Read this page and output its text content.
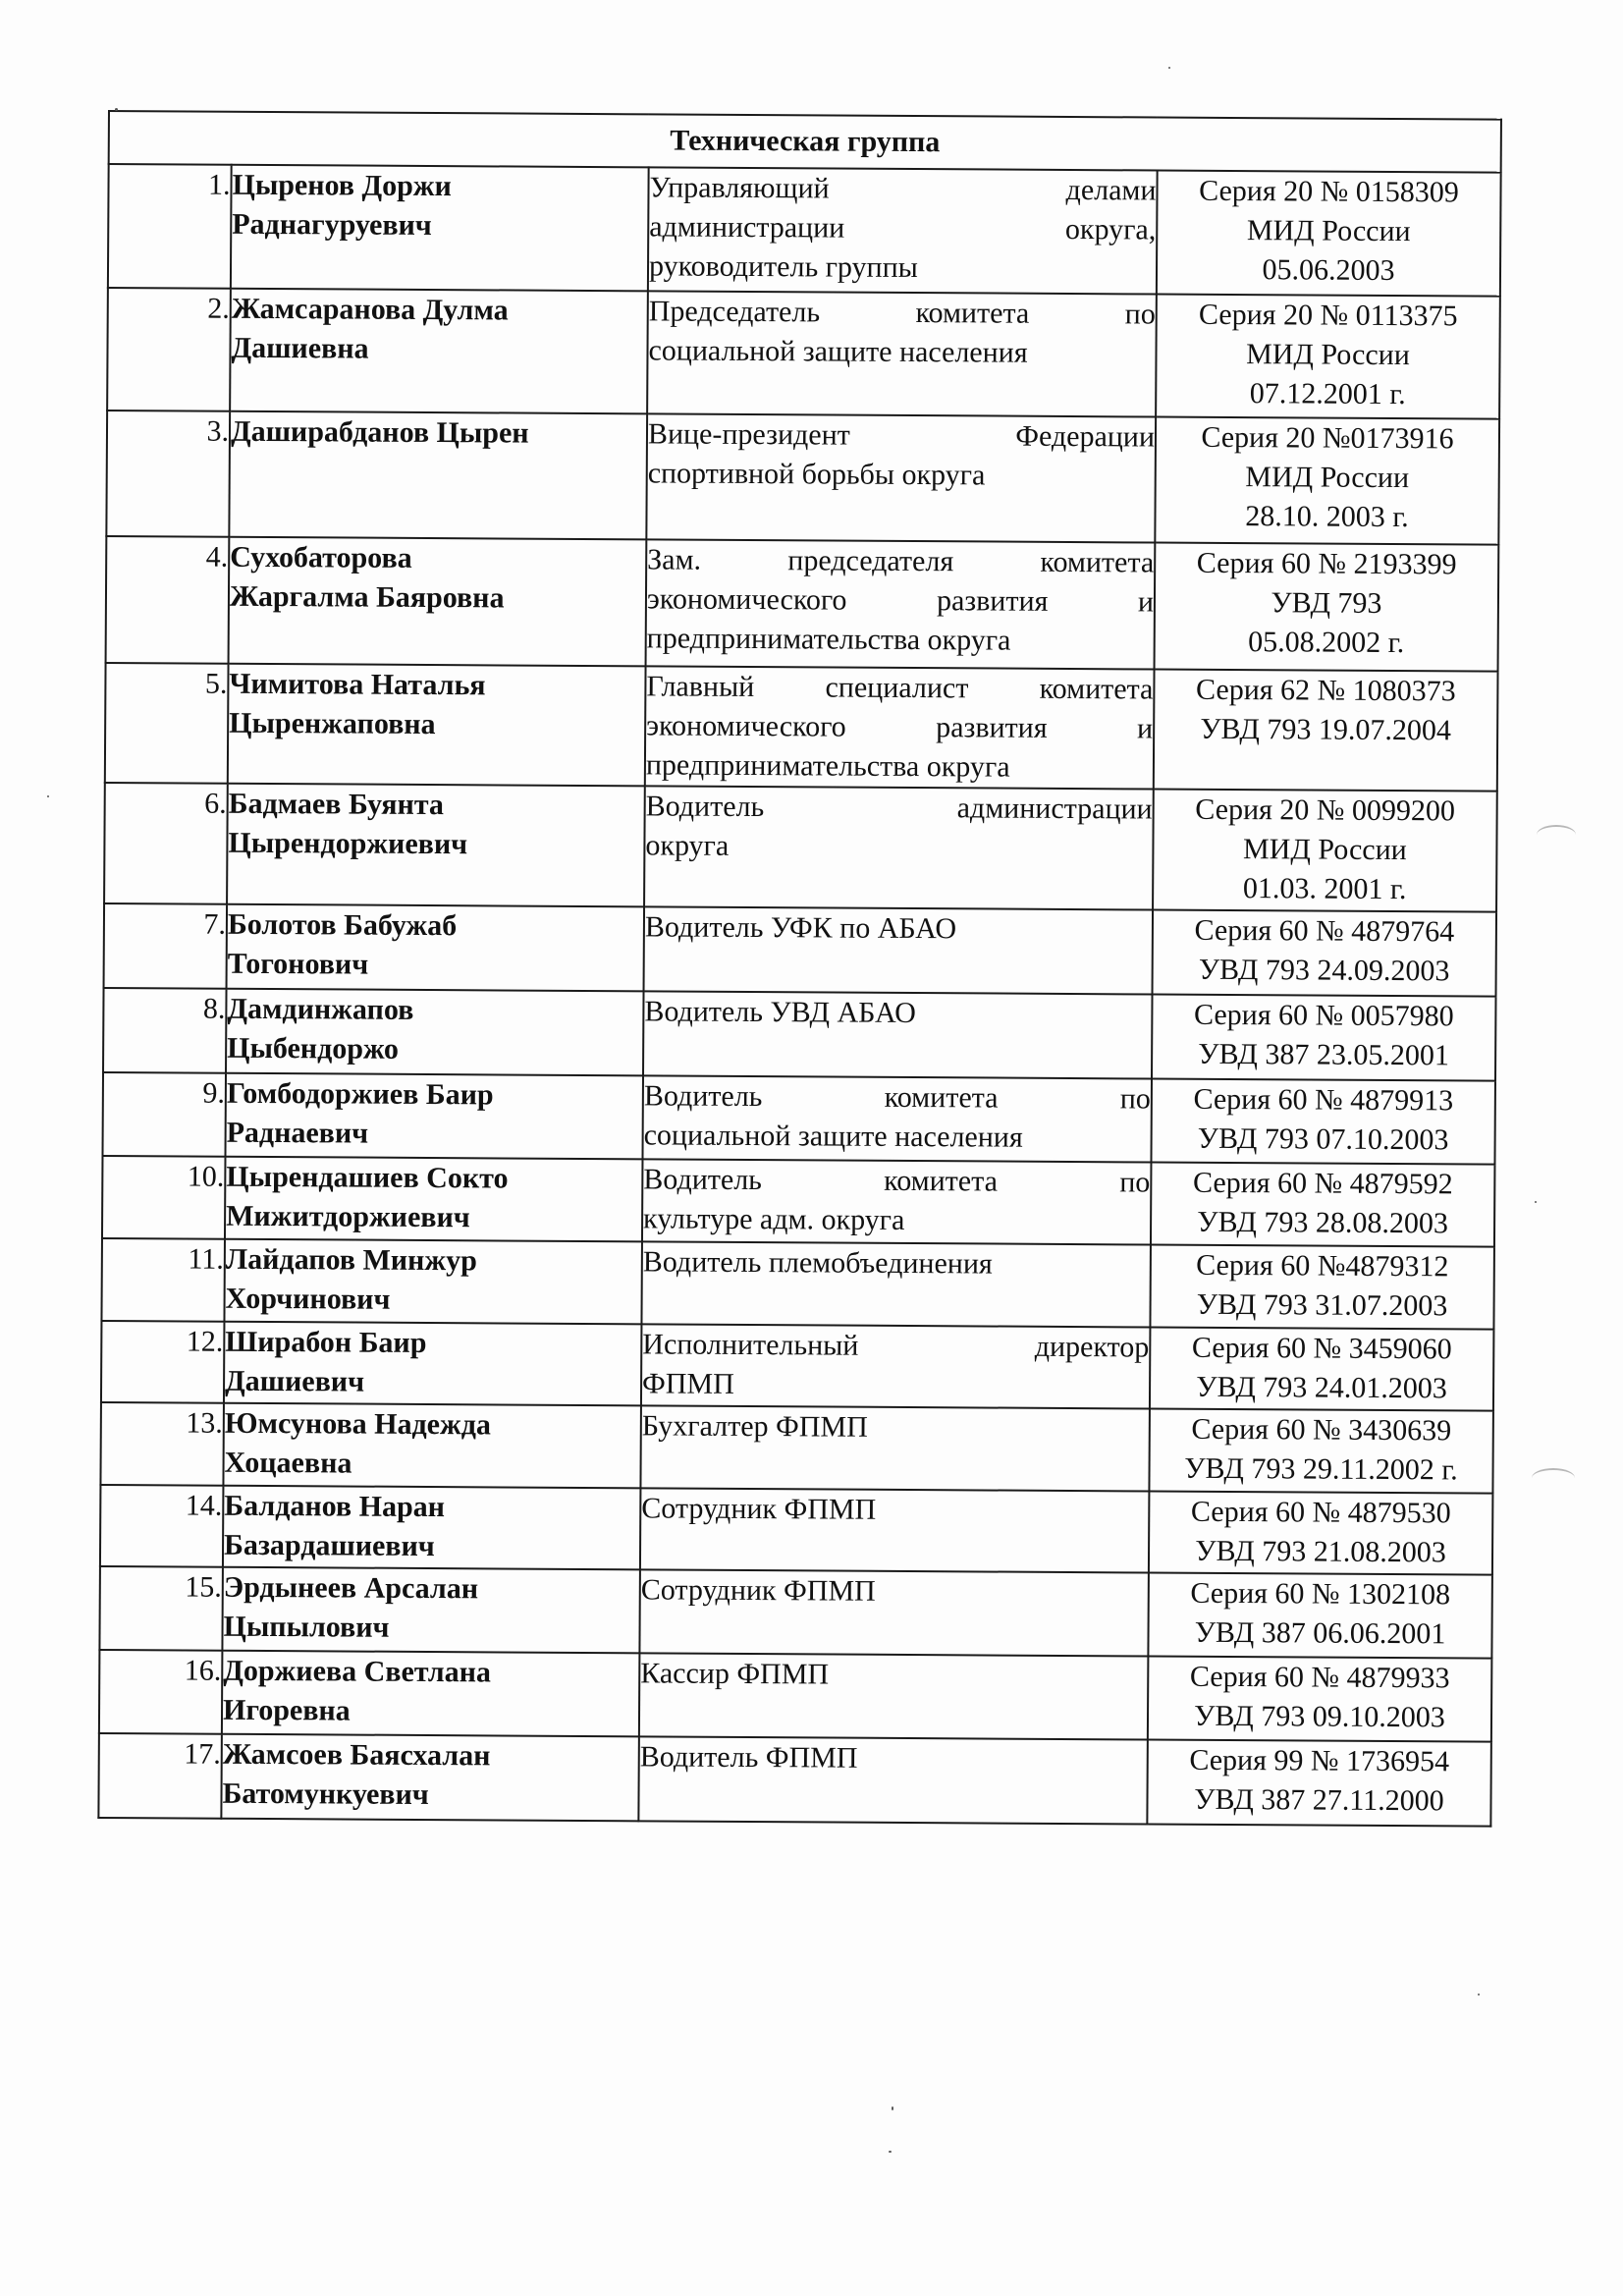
Техническая группа			
1.	Цыренов Доржи
Раднагуруевич	Управляющий делами
администрации округа,
руководитель группы	Серия 20 № 0158309
МИД России
05.06.2003

2.	Жамсаранова Дулма
Дашиевна	Председатель комитета по
социальной защите населения	Серия 20 № 0113375
МИД России
07.12.2001 г.

3.	Даширабданов Цырен	Вице-президент Федерации
спортивной борьбы округа	Серия 20 №0173916
МИД России
28.10. 2003 г.

4.	Сухобаторова
Жаргалма Баяровна	Зам. председателя комитета
экономического развития и
предпринимательства округа	Серия 60 № 2193399
УВД 793
05.08.2002 г.

5.	Чимитова Наталья
Цыренжаповна	Главный специалист комитета
экономического развития и
предпринимательства округа	Серия 62 № 1080373
УВД 793 19.07.2004

6.	Бадмаев Буянта
Цырендоржиевич	Водитель администрации
округа	Серия 20 № 0099200
МИД России
01.03. 2001 г.

7.	Болотов Бабужаб
Тогонович	Водитель УФК по АБАО	Серия 60 № 4879764
УВД 793 24.09.2003

8.	Дамдинжапов
Цыбендоржо	Водитель УВД АБАО	Серия 60 № 0057980
УВД 387 23.05.2001

9.	Гомбодоржиев Баир
Раднаевич	Водитель комитета по
социальной защите населения	Серия 60 № 4879913
УВД 793 07.10.2003

10.	Цырендашиев Сокто
Мижитдоржиевич	Водитель комитета по
культуре адм. округа	Серия 60 № 4879592
УВД 793 28.08.2003

11.	Лайдапов Минжур
Хорчинович	Водитель племобъединения	Серия 60 №4879312
УВД 793 31.07.2003

12.	Ширабон Баир
Дашиевич	Исполнительный директор
ФПМП	Серия 60 № 3459060
УВД 793 24.01.2003

13.	Юмсунова Надежда
Хоцаевна	Бухгалтер ФПМП	Серия 60 № 3430639
УВД 793 29.11.2002 г.

14.	Балданов Наран
Базардашиевич	Сотрудник ФПМП	Серия 60 № 4879530
УВД 793 21.08.2003

15.	Эрдынеев Арсалан
Цыпылович	Сотрудник ФПМП	Серия 60 № 1302108
УВД 387 06.06.2001

16.	Доржиева Светлана
Игоревна	Кассир ФПМП	Серия 60 № 4879933
УВД 793 09.10.2003

17.	Жамсоев Баясхалан
Батомункуевич	Водитель ФПМП	Серия 99 № 1736954
УВД 387 27.11.2000
